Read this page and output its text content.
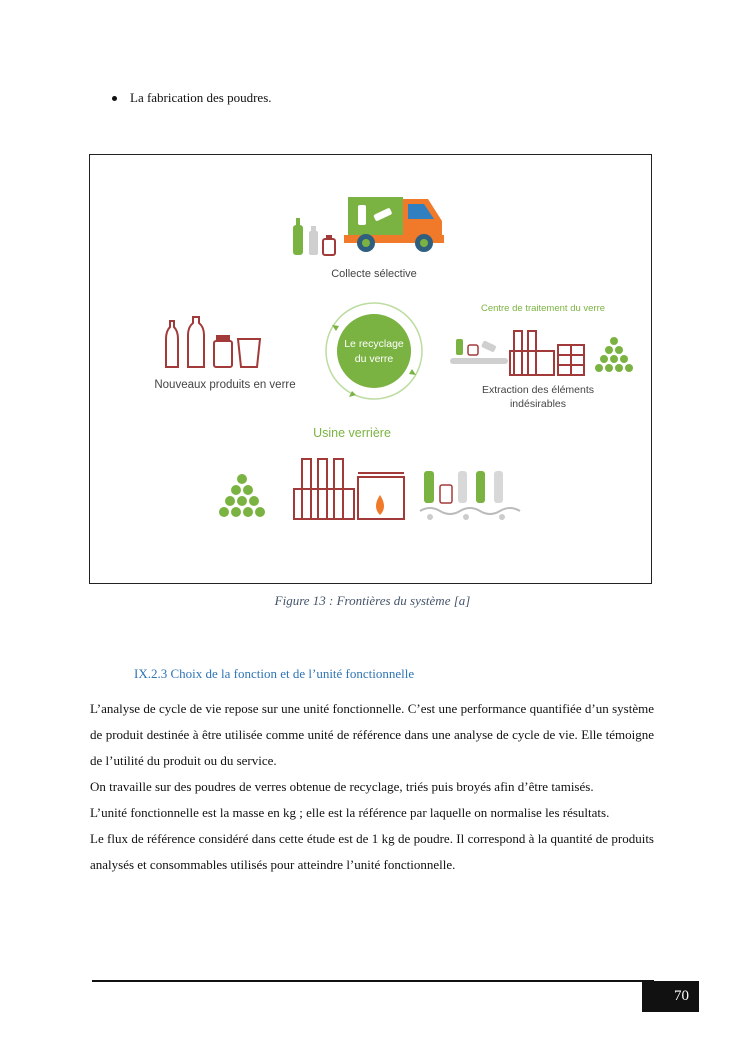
La fabrication des poudres.
Collecte sélective
Le recyclage
du verre
Nouveaux produits en verre
Centre de traitement du verre
Extraction des éléments
indésirables
Usine verrière
Figure 13 : Frontières du système [a]
IX.2.3 Choix de la fonction et de l’unité fonctionnelle

L’analyse de cycle de vie repose sur une unité fonctionnelle. C’est une performance quantifiée d’un système de produit destinée à être utilisée comme unité de référence dans une analyse de cycle de vie. Elle témoigne de l’utilité du produit ou du service.

On travaille sur des poudres de verres obtenue de recyclage, triés puis broyés afin d’être tamisés.

L’unité fonctionnelle est la masse en kg ; elle est la référence par laquelle on normalise les résultats.

Le flux de référence considéré dans cette étude est de 1 kg de poudre. Il correspond à la quantité de produits analysés et consommables utilisés pour atteindre l’unité fonctionnelle.

70
